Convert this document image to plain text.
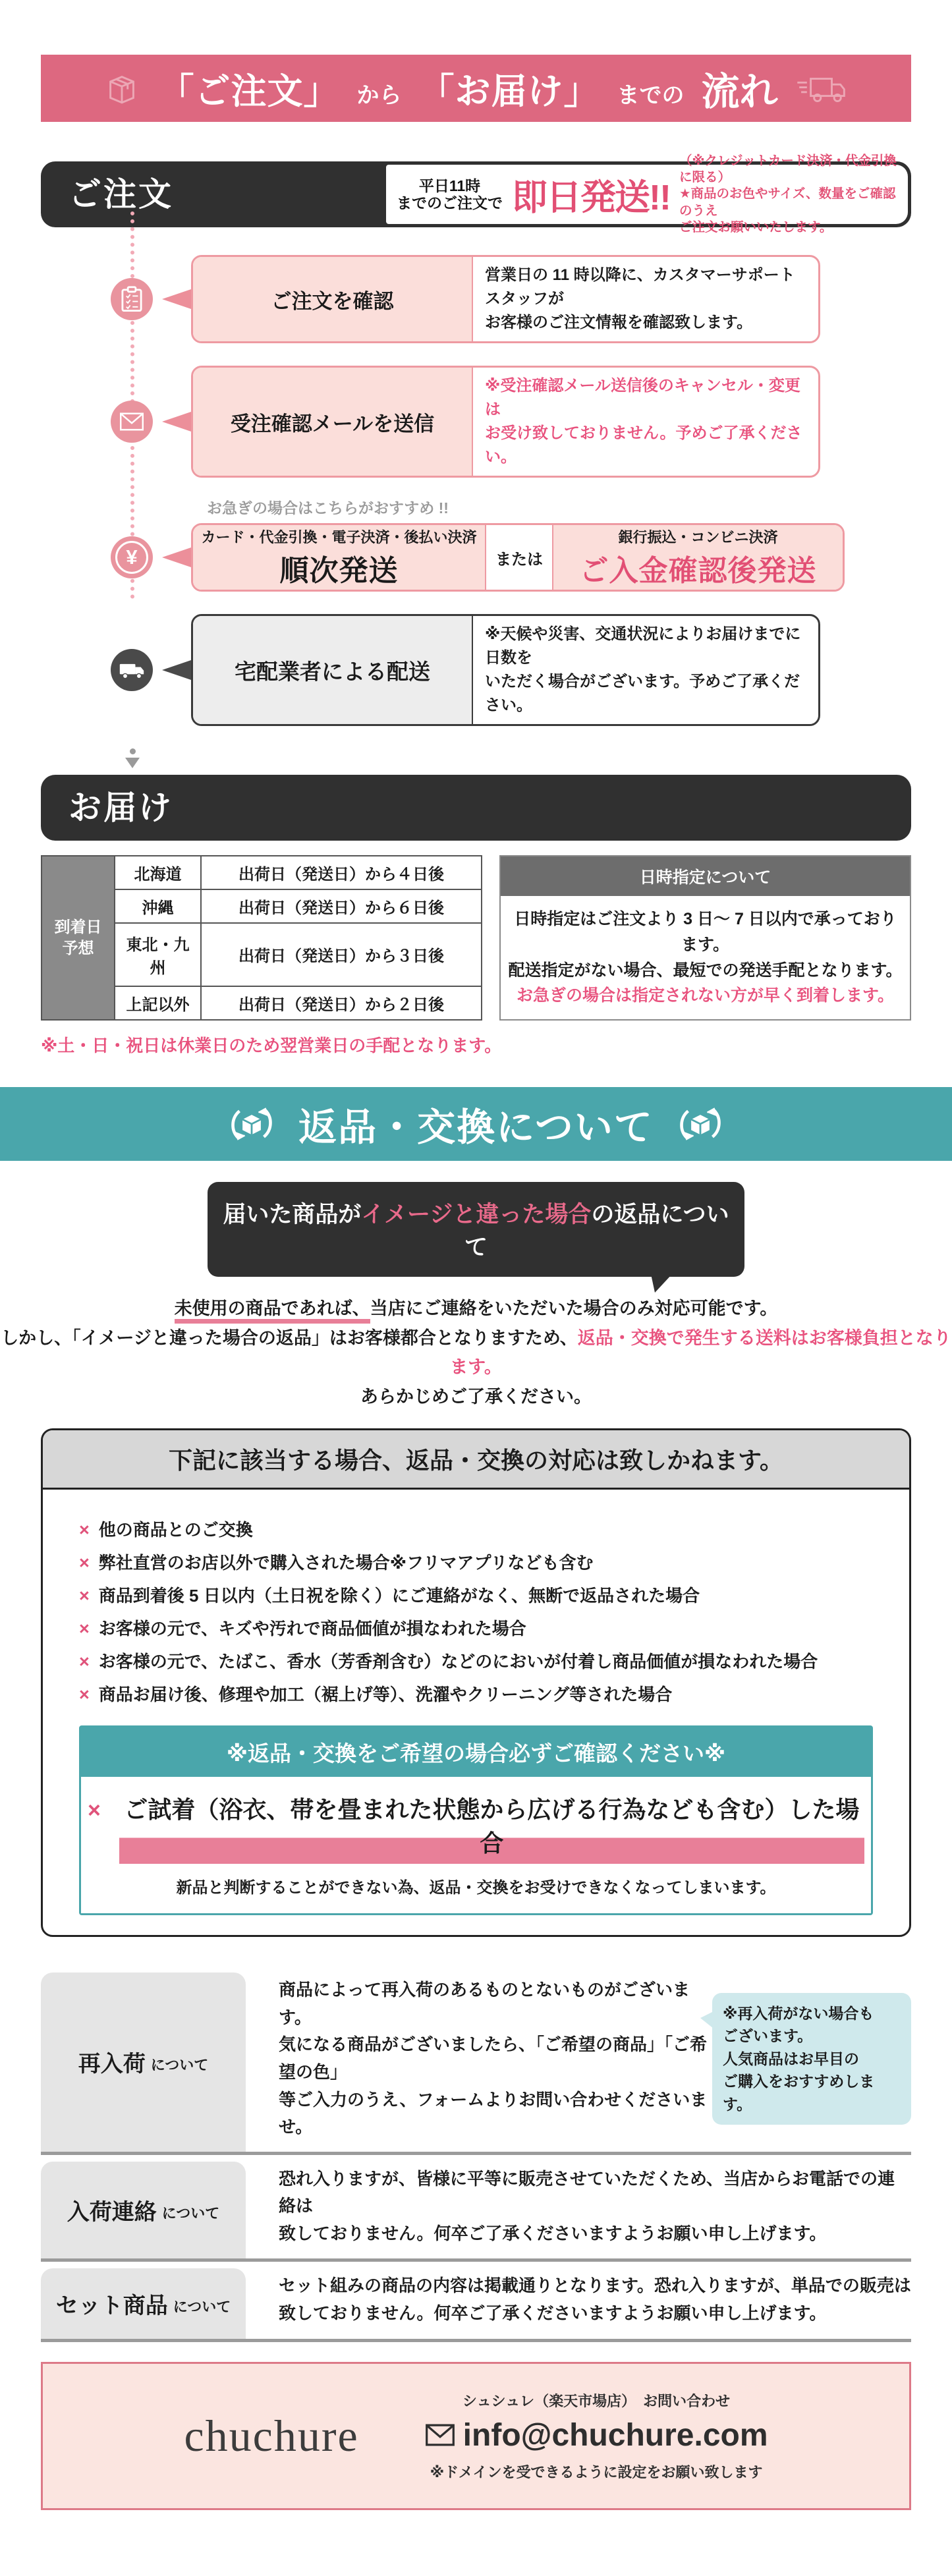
「ご注文」 から 「お届け」 までの 流れ
ご注文	平日11時
までのご注文で 即日発送!!
（※クレジットカード決済・代金引換に限る）
★商品のお色やサイズ、数量をご確認のうえ
ご注文お願いいたします。
ご注文を確認
営業日の 11 時以降に、カスタマーサポートスタッフが
お客様のご注文情報を確認致します。
受注確認メールを送信
※受注確認メール送信後のキャンセル・変更は
お受け致しておりません。予めご了承ください。
お急ぎの場合はこちらがおすすめ !!
¥
カード・代金引換・電子決済・後払い決済
順次発送	または
銀行振込・コンビニ決済
ご入金確認後発送
宅配業者による配送
※天候や災害、交通状況によりお届けまでに日数を
いただく場合がございます。予めご了承ください。
お届け
到着日
予想	北海道	出荷日（発送日）から４日後
	沖縄	出荷日（発送日）から６日後
	東北・九州	出荷日（発送日）から３日後
	上記以外	出荷日（発送日）から２日後
日時指定について
日時指定はご注文より 3 日〜 7 日以内で承っております。
配送指定がない場合、最短での発送手配となります。
お急ぎの場合は指定されない方が早く到着します。
※土・日・祝日は休業日のため翌営業日の手配となります。
返品・交換について
届いた商品がイメージと違った場合の返品について
未使用の商品であれば、当店にご連絡をいただいた場合のみ対応可能です。
しかし、「イメージと違った場合の返品」はお客様都合となりますため、返品・交換で発生する送料はお客様負担となります。
あらかじめご了承ください。
下記に該当する場合、返品・交換の対応は致しかねます。
× 他の商品とのご交換
× 弊社直営のお店以外で購入された場合※フリマアプリなども含む
× 商品到着後 5 日以内（土日祝を除く）にご連絡がなく、無断で返品された場合
× お客様の元で、キズや汚れで商品価値が損なわれた場合
× お客様の元で、たばこ、香水（芳香剤含む）などのにおいが付着し商品価値が損なわれた場合
× 商品お届け後、修理や加工（裾上げ等）、洗濯やクリーニング等された場合
※返品・交換をご希望の場合必ずご確認ください※
× ご試着（浴衣、帯を畳まれた状態から広げる行為なども含む）した場合
新品と判断することができない為、返品・交換をお受けできなくなってしまいます。
再入荷 について
商品によって再入荷のあるものとないものがございます。
気になる商品がございましたら、「ご希望の商品」「ご希望の色」
等ご入力のうえ、フォームよりお問い合わせくださいませ。
※再入荷がない場合も
ございます。
人気商品はお早目の
ご購入をおすすめします。
入荷連絡 について
恐れ入りますが、皆様に平等に販売させていただくため、当店からお電話での連絡は
致しておりません。何卒ご了承くださいますようお願い申し上げます。
セット商品 について
セット組みの商品の内容は掲載通りとなります。恐れ入りますが、単品での販売は
致しておりません。何卒ご了承くださいますようお願い申し上げます。
chuchure
シュシュレ（楽天市場店）　お問い合わせ
info@chuchure.com
※ドメインを受できるように設定をお願い致します
